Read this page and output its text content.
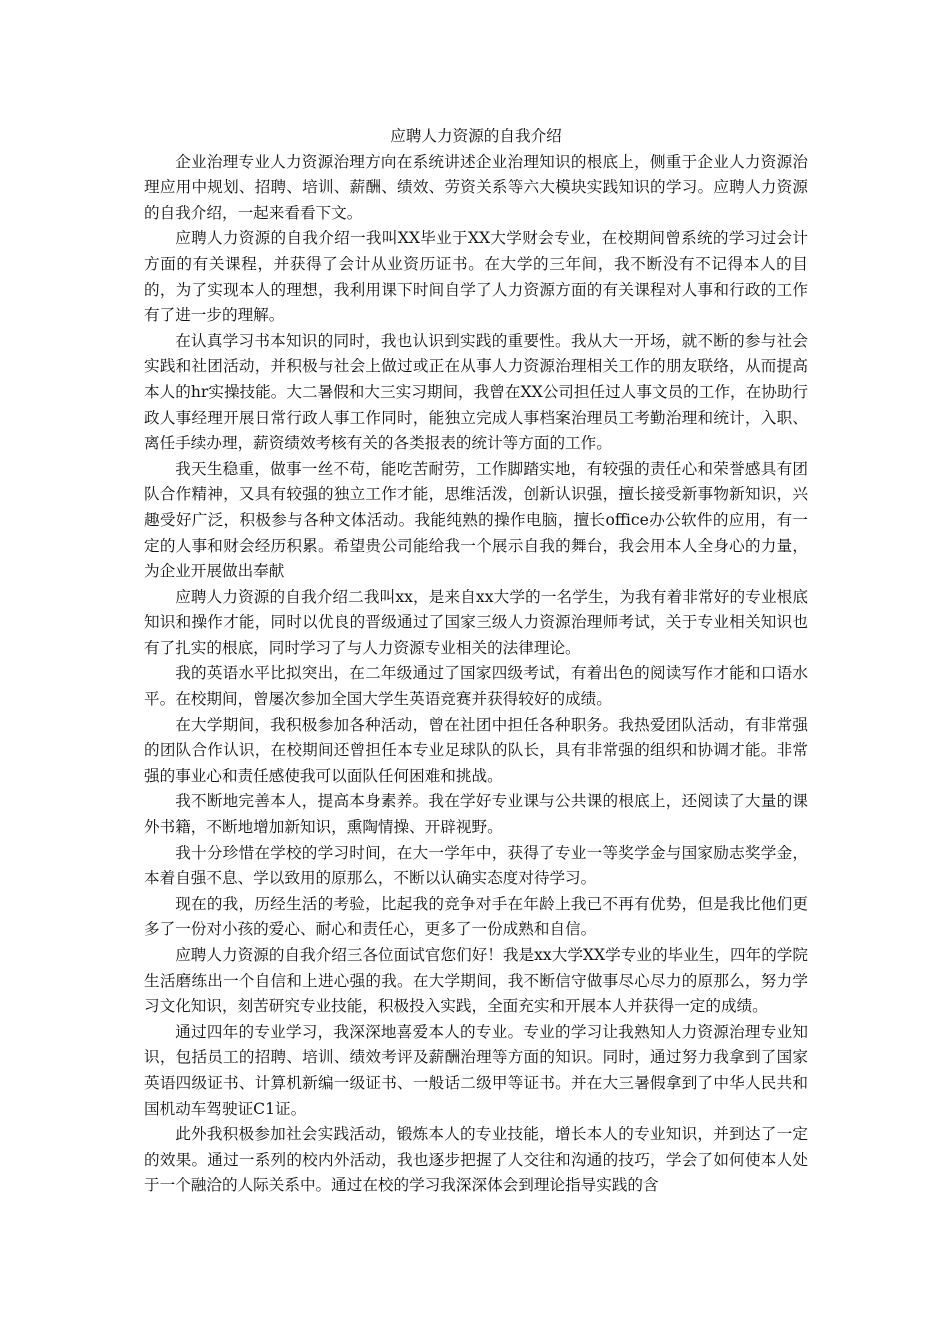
应聘人力资源的自我介绍

企业治理专业人力资源治理方向在系统讲述企业治理知识的根底上，侧重于企业人力资源治理应用中规划、招聘、培训、薪酬、绩效、劳资关系等六大模块实践知识的学习。应聘人力资源的自我介绍，一起来看看下文。

应聘人力资源的自我介绍一我叫XX毕业于XX大学财会专业，在校期间曾系统的学习过会计方面的有关课程，并获得了会计从业资历证书。在大学的三年间，我不断没有不记得本人的目的，为了实现本人的理想，我利用课下时间自学了人力资源方面的有关课程对人事和行政的工作有了进一步的理解。

在认真学习书本知识的同时，我也认识到实践的重要性。我从大一开场，就不断的参与社会实践和社团活动，并积极与社会上做过或正在从事人力资源治理相关工作的朋友联络，从而提高本人的hr实操技能。大二暑假和大三实习期间，我曾在XX公司担任过人事文员的工作，在协助行政人事经理开展日常行政人事工作同时，能独立完成人事档案治理员工考勤治理和统计，入职、离任手续办理，薪资绩效考核有关的各类报表的统计等方面的工作。

我天生稳重，做事一丝不苟，能吃苦耐劳，工作脚踏实地，有较强的责任心和荣誉感具有团队合作精神，又具有较强的独立工作才能，思维活泼，创新认识强，擅长接受新事物新知识，兴趣受好广泛，积极参与各种文体活动。我能纯熟的操作电脑，擅长office办公软件的应用，有一定的人事和财会经历积累。希望贵公司能给我一个展示自我的舞台，我会用本人全身心的力量，为企业开展做出奉献

应聘人力资源的自我介绍二我叫xx，是来自xx大学的一名学生，为我有着非常好的专业根底知识和操作才能，同时以优良的晋级通过了国家三级人力资源治理师考试，关于专业相关知识也有了扎实的根底，同时学习了与人力资源专业相关的法律理论。

我的英语水平比拟突出，在二年级通过了国家四级考试，有着出色的阅读写作才能和口语水平。在校期间，曾屡次参加全国大学生英语竞赛并获得较好的成绩。

在大学期间，我积极参加各种活动，曾在社团中担任各种职务。我热爱团队活动，有非常强的团队合作认识，在校期间还曾担任本专业足球队的队长，具有非常强的组织和协调才能。非常强的事业心和责任感使我可以面队任何困难和挑战。

我不断地完善本人，提高本身素养。我在学好专业课与公共课的根底上，还阅读了大量的课外书籍，不断地增加新知识，熏陶情操、开辟视野。

我十分珍惜在学校的学习时间，在大一学年中，获得了专业一等奖学金与国家励志奖学金，本着自强不息、学以致用的原那么，不断以认确实态度对待学习。

现在的我，历经生活的考验，比起我的竞争对手在年龄上我已不再有优势，但是我比他们更多了一份对小孩的爱心、耐心和责任心，更多了一份成熟和自信。

应聘人力资源的自我介绍三各位面试官您们好！我是xx大学XX学专业的毕业生，四年的学院生活磨练出一个自信和上进心强的我。在大学期间，我不断信守做事尽心尽力的原那么，努力学习文化知识，刻苦研究专业技能，积极投入实践，全面充实和开展本人并获得一定的成绩。

通过四年的专业学习，我深深地喜爱本人的专业。专业的学习让我熟知人力资源治理专业知识，包括员工的招聘、培训、绩效考评及薪酬治理等方面的知识。同时，通过努力我拿到了国家英语四级证书、计算机新编一级证书、一般话二级甲等证书。并在大三暑假拿到了中华人民共和国机动车驾驶证C1证。

此外我积极参加社会实践活动，锻炼本人的专业技能，增长本人的专业知识，并到达了一定的效果。通过一系列的校内外活动，我也逐步把握了人交往和沟通的技巧，学会了如何使本人处于一个融洽的人际关系中。通过在校的学习我深深体会到理论指导实践的含
